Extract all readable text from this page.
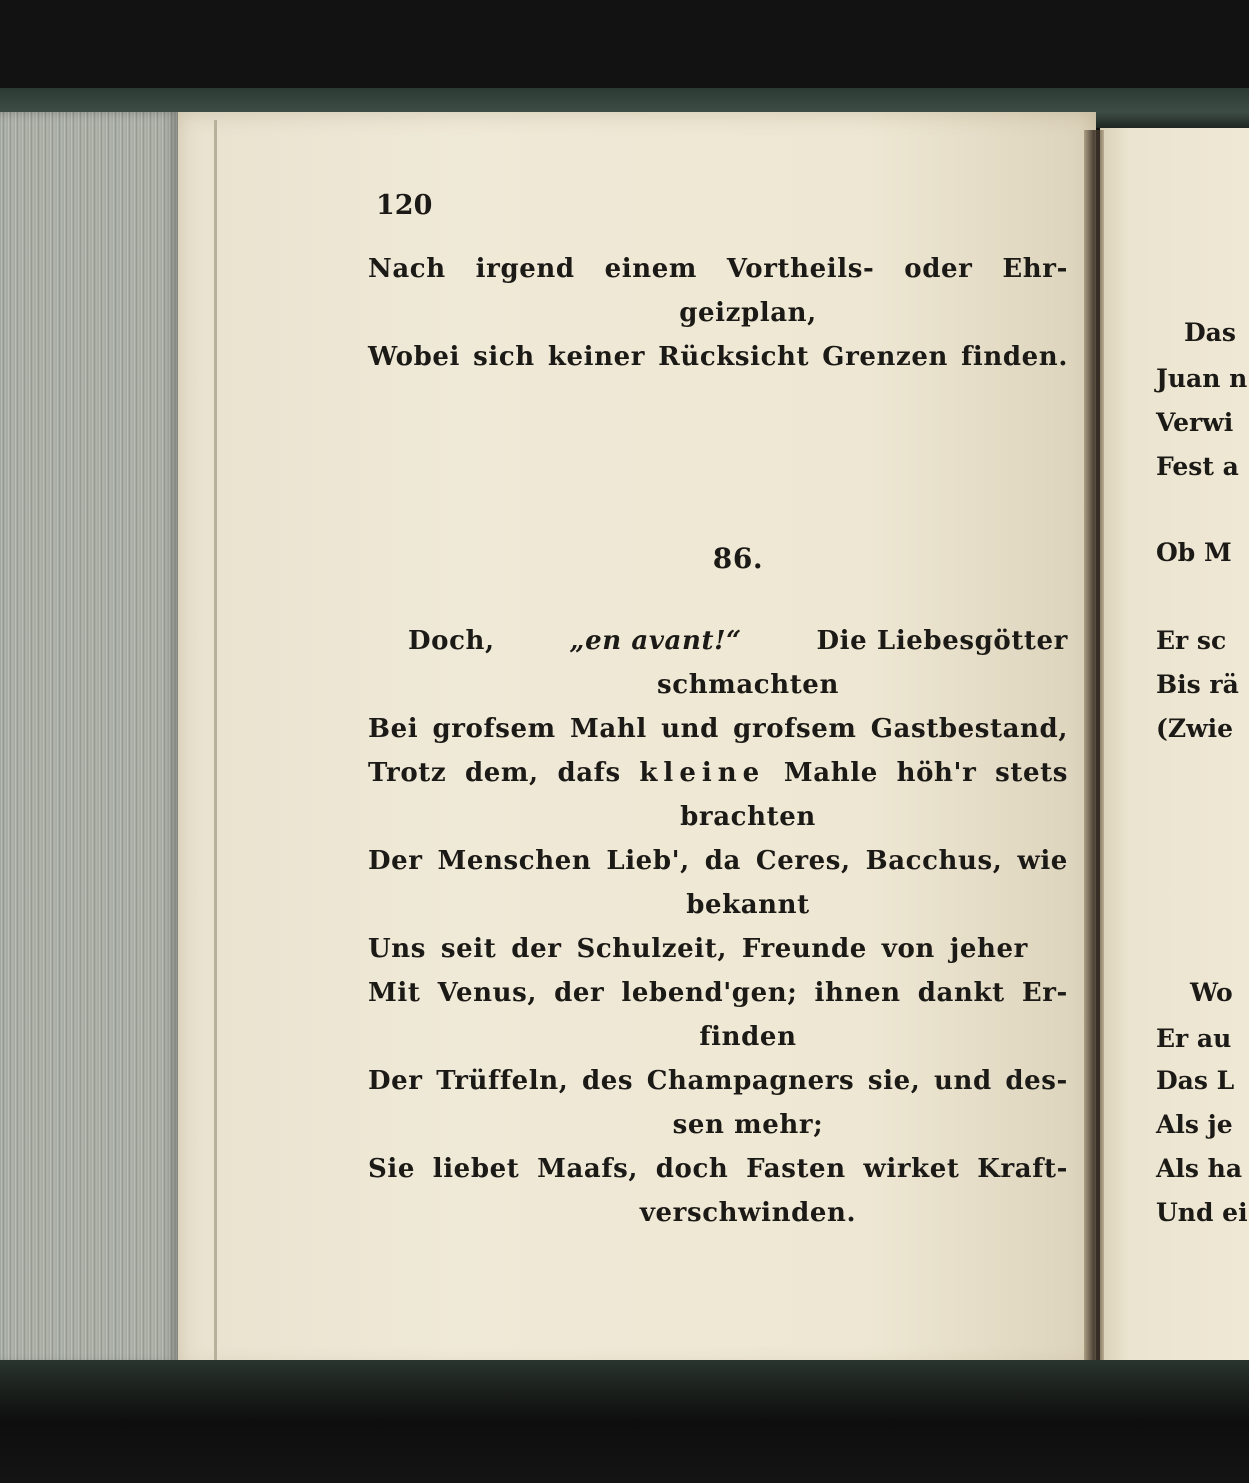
120
Nach irgend einem Vortheils- oder Ehr-
geizplan,
Wobei sich keiner Rücksicht Grenzen finden.
86.
Doch,	„en avant!“	Die Liebesgötter
schmachten
Bei grofsem Mahl und grofsem Gastbestand,
Trotz dem, dafs kleine Mahle höh'r stets
brachten
Der Menschen Lieb', da Ceres, Bacchus, wie
bekannt
Uns seit der Schulzeit, Freunde von jeher
Mit Venus, der lebend'gen; ihnen dankt Er-
finden
Der Trüffeln, des Champagners sie, und des-
sen mehr;
Sie liebet Maafs, doch Fasten wirket Kraft-
verschwinden.
Das
Juan n
Verwi
Fest a
Ob M
Er sc
Bis rä
(Zwie
Wo
Er au
Das L
Als je
Als ha
Und ei
